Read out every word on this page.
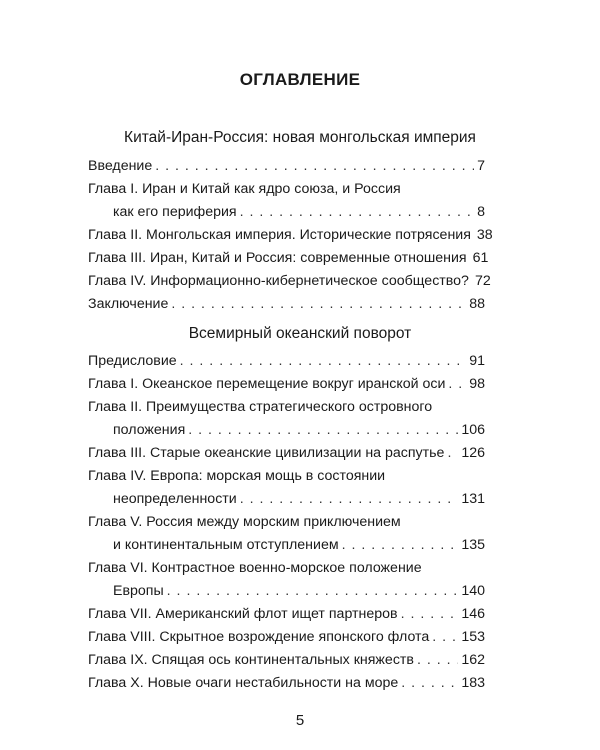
ОГЛАВЛЕНИЕ
Китай-Иран-Россия: новая монгольская империя
Всемирный океанский поворот
Введение . . .	7
Глава I. Иран и Китай как ядро союза, и Россия
как его периферия . . .	8
Глава II. Монгольская империя. Исторические потрясения 38
Глава III. Иран, Китай и Россия: современные отношения 61
Глава IV. Информационно-кибернетическое сообщество? 72
Заключение . . .	88
Предисловие . . .	91
Глава I. Океанское перемещение вокруг иранской оси . . . 98
Глава II. Преимущества стратегического островного
положения . . .	106
Глава III. Старые океанские цивилизации на распутье . . . 126
Глава IV. Европа: морская мощь в состоянии
неопределенности . . .	131
Глава V. Россия между морским приключением
и континентальным отступлением . . .	135
Глава VI. Контрастное военно-морское положение
Европы . . .	140
Глава VII. Американский флот ищет партнеров . . .	146
Глава VIII. Скрытное возрождение японского флота . . . 153
Глава IX. Спящая ось континентальных княжеств . . .	162
Глава X. Новые очаги нестабильности на море . . .	183
5
